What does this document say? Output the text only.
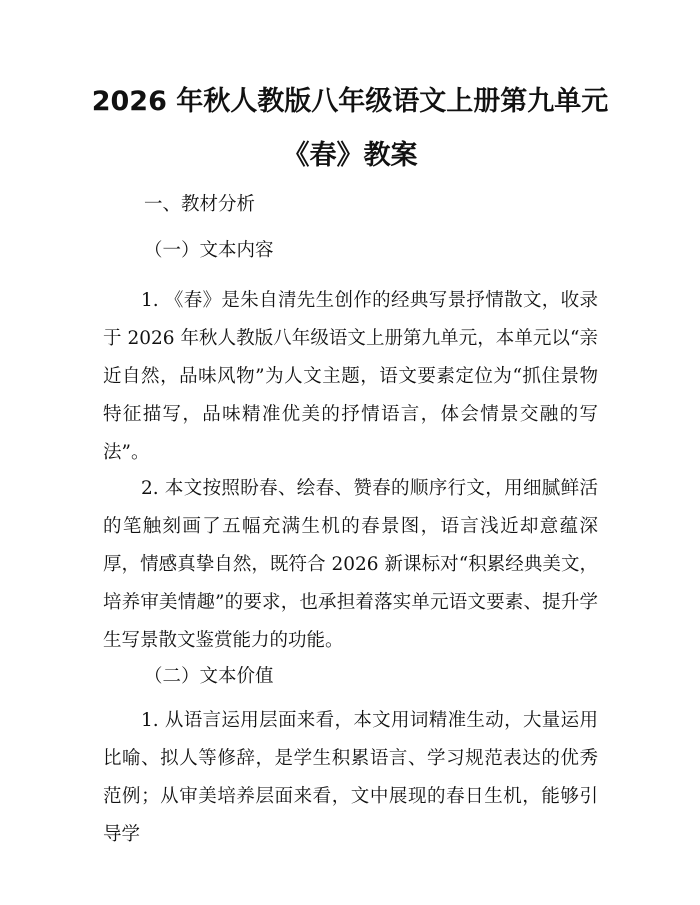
2026 年秋人教版八年级语文上册第九单元
《春》教案

一、教材分析

（一）文本内容

1. 《春》是朱自清先生创作的经典写景抒情散文，收录于 2026 年秋人教版八年级语文上册第九单元，本单元以“亲近自然，品味风物”为人文主题，语文要素定位为“抓住景物特征描写，品味精准优美的抒情语言，体会情景交融的写法”。

2. 本文按照盼春、绘春、赞春的顺序行文，用细腻鲜活的笔触刻画了五幅充满生机的春景图，语言浅近却意蕴深厚，情感真挚自然，既符合 2026 新课标对“积累经典美文，培养审美情趣”的要求，也承担着落实单元语文要素、提升学生写景散文鉴赏能力的功能。

（二）文本价值

1. 从语言运用层面来看，本文用词精准生动，大量运用比喻、拟人等修辞，是学生积累语言、学习规范表达的优秀范例；从审美培养层面来看，文中展现的春日生机，能够引导学
